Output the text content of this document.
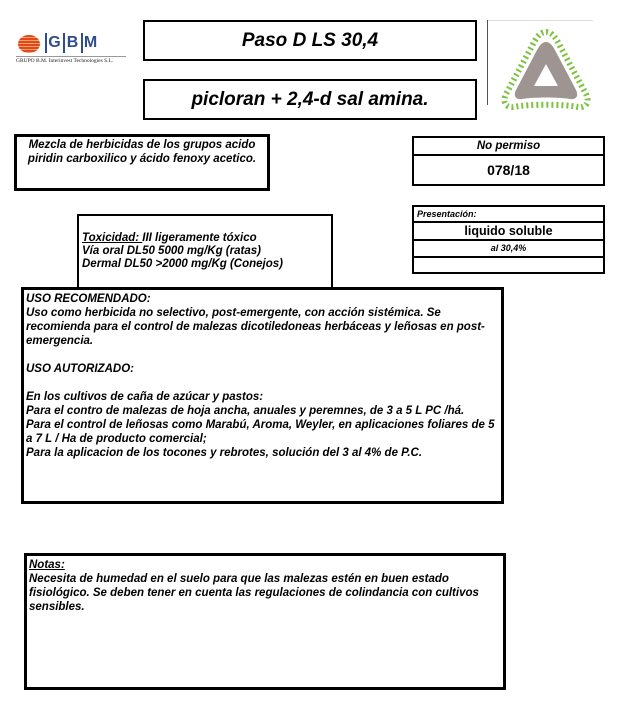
G B M
GRUPO B.M. Interinvest Technologies S.L.
Paso D LS 30,4
picloran + 2,4-d sal amina.
Mezcla de herbicidas de los grupos acido piridin carboxilico y ácido fenoxy acetico.
No permiso
078/18
Presentación:
liquido soluble
al 30,4%
Toxicidad: III ligeramente tóxico
Vía oral DL50 5000 mg/Kg (ratas)
Dermal DL50 >2000 mg/Kg (Conejos)

USO RECOMENDADO:

Uso como herbicida no selectivo, post-emergente, con acción sistémica. Se recomienda para el control de malezas dicotiledoneas herbáceas y leñosas en post-emergencia.

USO AUTORIZADO:

En los cultivos de caña de azúcar y pastos:

Para el contro de malezas de hoja ancha, anuales y peremnes, de 3 a 5 L PC /há.

Para el control de leñosas como Marabú, Aroma, Weyler, en aplicaciones foliares de 5 a 7 L / Ha de producto comercial;

Para la aplicacion de los tocones y rebrotes, solución del 3 al 4% de P.C.

Notas:

Necesita de humedad en el suelo para que las malezas estén en buen estado fisiológico. Se deben tener en cuenta las regulaciones de colindancia con cultivos sensibles.
